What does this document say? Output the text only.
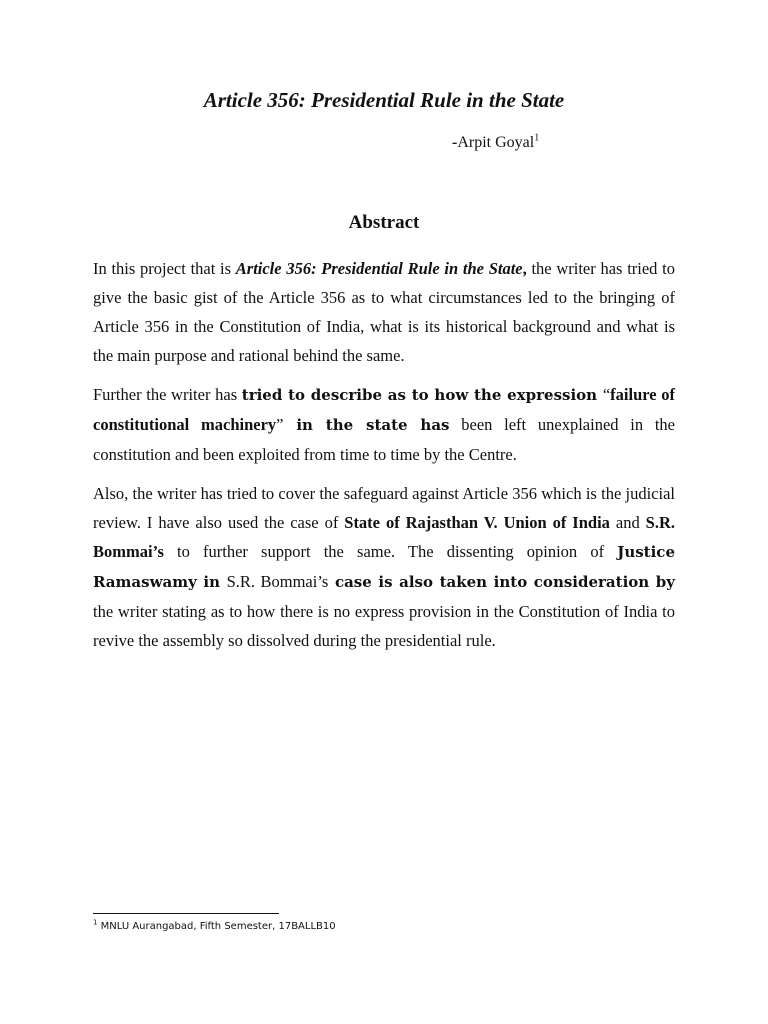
Article 356: Presidential Rule in the State

-Arpit Goyal$^1$

Abstract

In this project that is Article 356: Presidential Rule in the State, the writer has tried to give the basic gist of the Article 356 as to what circumstances led to the bringing of Article 356 in the Constitution of India, what is its historical background and what is the main purpose and rational behind the same.

Further the writer has tried to describe as to how the expression “failure of constitutional machinery” in the state has been left unexplained in the constitution and been exploited from time to time by the Centre.

Also, the writer has tried to cover the safeguard against Article 356 which is the judicial review. I have also used the case of State of Rajasthan V. Union of India and S.R. Bommai’s to further support the same. The dissenting opinion of Justice Ramaswamy in S.R. Bommai’s case is also taken into consideration by the writer stating as to how there is no express provision in the Constitution of India to revive the assembly so dissolved during the presidential rule.

$^1$ MNLU Aurangabad, Fifth Semester, 17BALLB10
